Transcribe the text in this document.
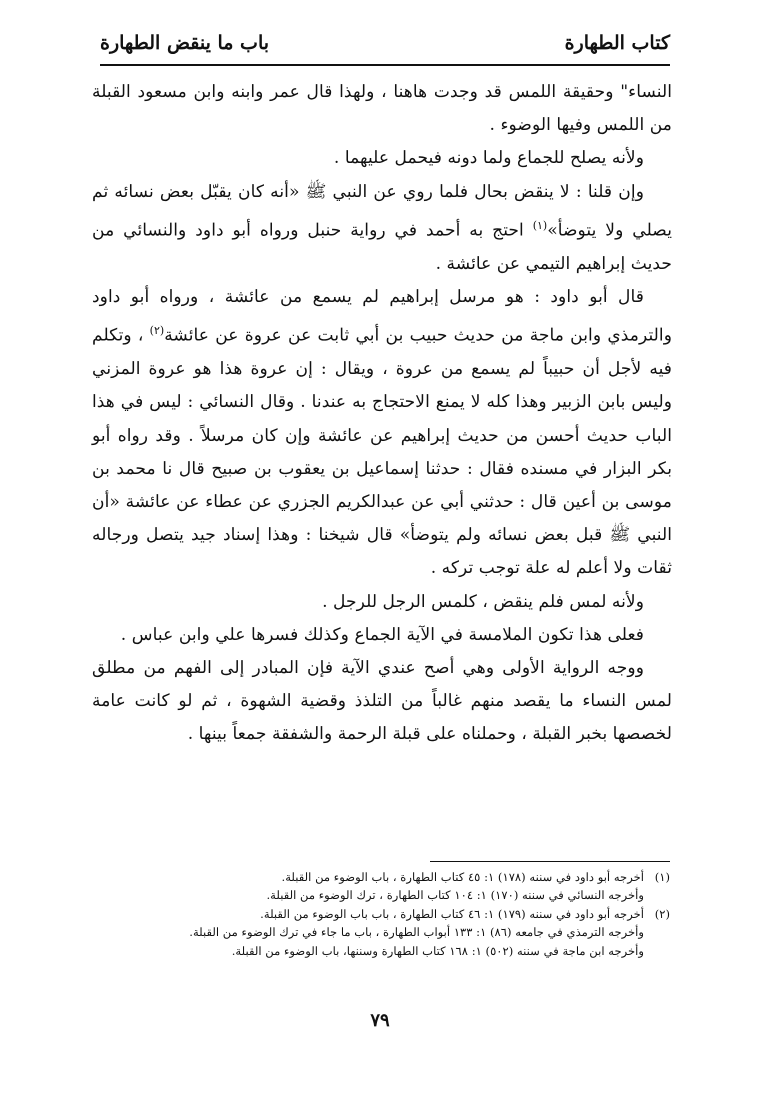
كتاب الطهارة
باب ما ينقض الطهارة

النساء" وحقيقة اللمس قد وجدت هاهنا ، ولهذا قال عمر وابنه وابن مسعود القبلة من اللمس وفيها الوضوء .

ولأنه يصلح للجماع ولما دونه فيحمل عليهما .

وإن قلنا : لا ينقض بحال فلما روي عن النبي ﷺ «أنه كان يقبّل بعض نسائه ثم يصلي ولا يتوضأ»$^{(١)}$ احتج به أحمد في رواية حنبل ورواه أبو داود والنسائي من حديث إبراهيم التيمي عن عائشة .

قال أبو داود : هو مرسل إبراهيم لم يسمع من عائشة ، ورواه أبو داود والترمذي وابن ماجة من حديث حبيب بن أبي ثابت عن عروة عن عائشة$^{(٢)}$ ، وتكلم فيه لأجل أن حبيباً لم يسمع من عروة ، ويقال : إن عروة هذا هو عروة المزني وليس بابن الزبير وهذا كله لا يمنع الاحتجاج به عندنا . وقال النسائي : ليس في هذا الباب حديث أحسن من حديث إبراهيم عن عائشة وإن كان مرسلاً . وقد رواه أبو بكر البزار في مسنده فقال : حدثنا إسماعيل بن يعقوب بن صبيح قال نا محمد بن موسى بن أعين قال : حدثني أبي عن عبدالكريم الجزري عن عطاء عن عائشة «أن النبي ﷺ قبل بعض نسائه ولم يتوضأ» قال شيخنا : وهذا إسناد جيد يتصل ورجاله ثقات ولا أعلم له علة توجب تركه .

ولأنه لمس فلم ينقض ، كلمس الرجل للرجل .

فعلى هذا تكون الملامسة في الآية الجماع وكذلك فسرها علي وابن عباس .

ووجه الرواية الأولى وهي أصح عندي الآية فإن المبادر إلى الفهم من مطلق لمس النساء ما يقصد منهم غالباً من التلذذ وقضية الشهوة ، ثم لو كانت عامة لخصصها بخبر القبلة ، وحملناه على قبلة الرحمة والشفقة جمعاً بينها .

(١)أخرجه أبو داود في سننه (١٧٨) ١: ٤٥ كتاب الطهارة ، باب الوضوء من القبلة.

وأخرجه النسائي في سننه (١٧٠) ١: ١٠٤ كتاب الطهارة ، ترك الوضوء من القبلة.

(٢)أخرجه أبو داود في سننه (١٧٩) ١: ٤٦ كتاب الطهارة ، باب باب الوضوء من القبلة.

وأخرجه الترمذي في جامعه (٨٦) ١: ١٣٣ أبواب الطهارة ، باب ما جاء في ترك الوضوء من القبلة.

وأخرجه ابن ماجة في سننه (٥٠٢) ١: ١٦٨ كتاب الطهارة وسننها، باب الوضوء من القبلة.

٧٩
